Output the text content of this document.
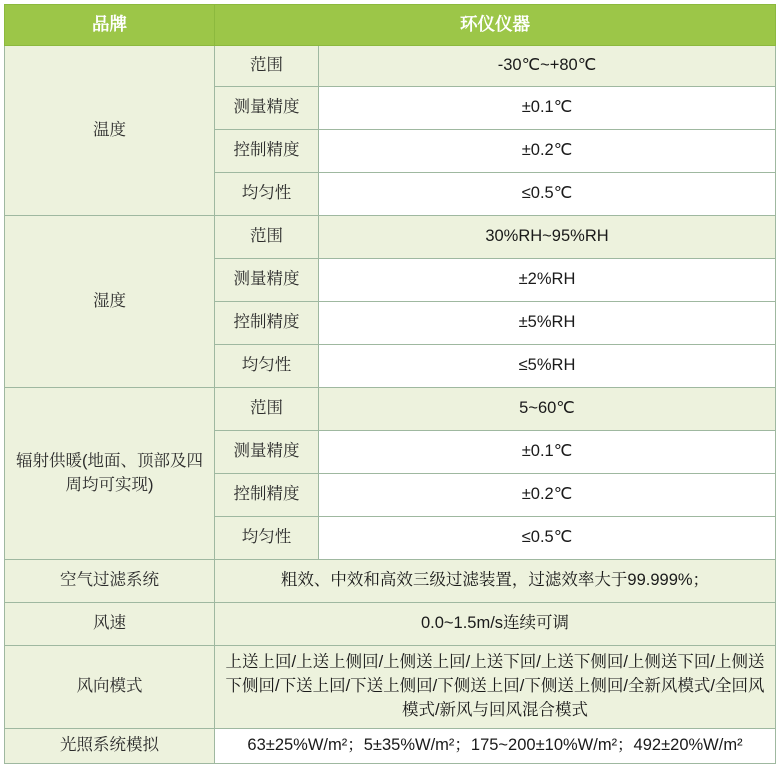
品牌	环仪仪器	
温度	范围	-30℃~+80℃
	测量精度	±0.1℃
	控制精度	±0.2℃
	均匀性	≤0.5℃
湿度	范围	30%RH~95%RH
	测量精度	±2%RH
	控制精度	±5%RH
	均匀性	≤5%RH
辐射供暖(地面、顶部及四周均可实现)	范围	5~60℃
	测量精度	±0.1℃
	控制精度	±0.2℃
	均匀性	≤0.5℃
空气过滤系统	粗效、中效和高效三级过滤装置，过滤效率大于99.999%；	
风速	0.0~1.5m/s连续可调	
风向模式	上送上回/上送上侧回/上侧送上回/上送下回/上送下侧回/上侧送下回/上侧送下侧回/下送上回/下送上侧回/下侧送上回/下侧送上侧回/全新风模式/全回风模式/新风与回风混合模式	
光照系统模拟	63±25%W/m²；5±35%W/m²；175~200±10%W/m²；492±20%W/m²	
